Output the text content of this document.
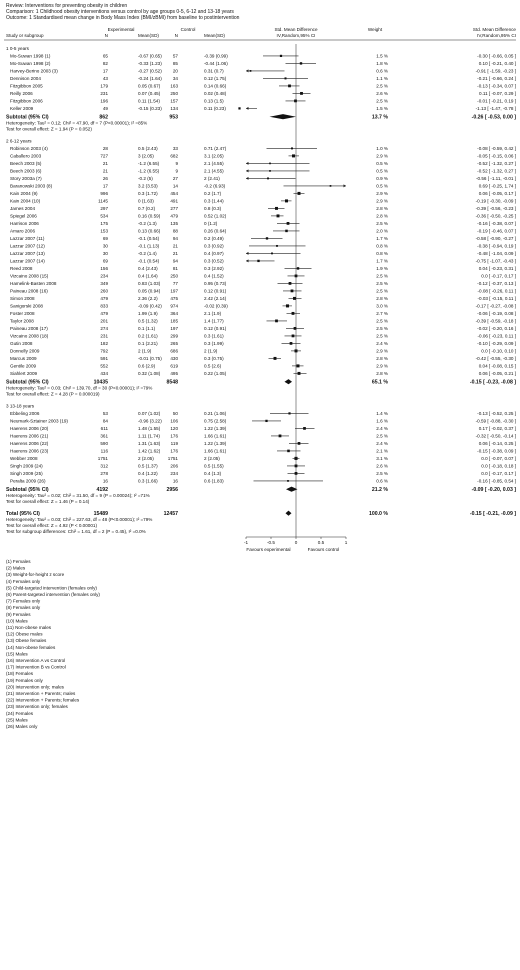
Review: Interventions for preventing obesity in children
Comparison: 1 Childhood obesity interventions versus control by age groups 0-5, 6-12 and 13-18 years
Outcome: 1 Standardised mean change in Body Mass Index (BMI/zBMI) from baseline to postintervention
Study or subgroup
Experimental
N	Mean(SD)
Control
N	Mean(SD)
Std. Mean Difference
IV,Random,95% CI
Weight	Std. Mean Difference
IV,Random,95% CI
1 0-5 years
Mo-Suwan 1998 (1)	65	-0.67 (0.65) 57	-0.39 (0.99)	1.5 %	-0.30 [ -0.66, 0.05 ]
Mo-Suwan 1998 (2)	82	-0.33 (1.23) 85	-0.44 (1.06)	1.8 %	0.10 [ -0.21, 0.40 ]
Harvey-Berino 2003 (3)	17	-0.27 (0.52) 20	0.31 (0.7)	0.6 %	-0.91 [ -1.59, -0.23 ]
Dennison 2004	43	-0.24 (1.64) 34	0.12 (1.75)	1.1 %	-0.21 [ -0.66, 0.24 ]
Fitzgibbon 2005	179	0.05 (0.67) 163	0.14 (0.66)	2.5 %	-0.13 [ -0.34, 0.07 ]
Reilly 2006	231	0.07 (0.45) 250	0.02 (0.48)	2.6 %	0.11 [ -0.07, 0.29 ]
Fitzgibbon 2006	196	0.11 (1.54) 157	0.13 (1.5)	2.5 %	-0.01 [ -0.21, 0.19 ]
Keller 2009	49	-0.15 (0.23) 134	0.11 (0.23)	1.5 %	-1.13 [ -1.47, -0.78 ]
Subtotal (95% CI)	862	953	13.7 %	-0.26 [ -0.53, 0.00 ]
Heterogeneity: Tau² = 0.12; Chi² = 47.90, df = 7 (P<0.00001); I² =85%
Test for overall effect: Z = 1.94 (P = 0.052)
2 6-12 years
Robinson 2003 (4)	28	0.5 (2.43)	33	0.71 (2.47)	1.0 %	-0.08 [ -0.59, 0.42 ]
Caballero 2003	727	3 (2.05)	682	3.1 (2.05)	2.9 %	-0.05 [ -0.15, 0.06 ]
Beech 2003 (5)	21	-1.2 (6.55)	9	2.1 (4.55)	0.5 %	-0.52 [ -1.32, 0.27 ]
Beech 2003 (6)	21	-1.2 (6.55)	9	2.1 (4.55)	0.5 %	-0.52 [ -1.32, 0.27 ]
Story 2003a (7)	26	-0.2 (5)	27	2 (2.41)	0.9 %	-0.56 [ -1.11, -0.01 ]
Baranowski 2003 (8)	17	3.2 (3.53)	14	-0.2 (6.93)	0.5 %	0.69 [ -0.25, 1.74 ]
Kain 2004 (9)	996	0.3 (1.72)	454	0.2 (1.7)	2.9 %	0.06 [ -0.05, 0.17 ]
Kain 2004 (10)	1145	0 (1.63)	491	0.3 (1.44)	2.9 %	-0.19 [ -0.30, -0.09 ]
James 2004	297	0.7 (0.2)	277	0.8 (0.3)	2.8 %	-0.39 [ -0.56, -0.23 ]
Spiegel 2006	534	0.16 (0.59) 479	0.52 (1.02)	2.8 %	-0.36 [ -0.50, -0.25 ]
Harrison 2006	175	-0.2 (1.3)	135	0 (1.2)	2.5 %	-0.16 [ -0.38, 0.07 ]
Amaro 2006	153	0.13 (0.66)	88	0.26 (0.64)	2.0 %	-0.19 [ -0.46, 0.07 ]
Lazzar 2007 (11)	69	-0.1 (0.54)	94	0.2 (0.49)	1.7 %	-0.58 [ -0.90, -0.27 ]
Lazzar 2007 (12)	30	-0.1 (1.13)	21	0.3 (0.92)	0.8 %	-0.38 [ -0.94, 0.19 ]
Lazzar 2007 (13)	30	-0.2 (1.4)	21	0.4 (0.97)	0.8 %	-0.48 [ -1.04, 0.09 ]
Lazzar 2007 (14)	69	-0.1 (0.54)	94	0.3 (0.52)	1.7 %	-0.75 [ -1.07, -0.43 ]
Reed 2008	156	0.4 (2.43)	81	0.3 (2.92)	1.9 %	0.04 [ -0.23, 0.31 ]
Vizcaino 2008 (15)	234	0.4 (1.64)	250	0.4 (1.52)	2.5 %	0.0 [ -0.17, 0.17 ]
Hamelink-Basten 2008	349	0.83 (1.03)	77	0.95 (0.73)	2.5 %	-0.12 [ -0.37, 0.13 ]
Paineau 2008 (16)	260	0.05 (0.94) 197	0.12 (0.91)	2.5 %	-0.08 [ -0.26, 0.11 ]
Simon 2008	479	2.36 (2.2)	475	2.42 (2.14)	2.8 %	-0.03 [ -0.15, 0.11 ]
Sanigorski 2008	833	-0.09 (0.42) 974	-0.02 (0.39)	3.0 %	-0.17 [ -0.27, -0.08 ]
Foster 2008	479	1.99 (1.9)	364	2.1 (1.9)	2.7 %	-0.06 [ -0.19, 0.08 ]
Taylor 2008	201	0.5 (1.32)	185	1.4 (1.77)	2.5 %	-0.39 [ -0.59, -0.18 ]
Paineau 2008 (17)	274	0.1 (1.1)	197	0.12 (0.91)	2.5 %	-0.02 [ -0.20, 0.16 ]
Vizcaino 2008 (18)	231	0.2 (1.61)	299	0.3 (1.61)	2.5 %	-0.06 [ -0.23, 0.11 ]
Gutin 2008	182	0.1 (2.21)	265	0.3 (1.99)	2.4 %	-0.10 [ -0.29, 0.09 ]
Donnelly 2009	792	2 (1.9)	686	2 (1.9)	2.9 %	0.0 [ -0.10, 0.10 ]
Marcus 2009	591	-0.01 (0.75) 430	0.3 (0.75)	2.8 %	-0.42 [ -0.55, -0.30 ]
Gentile 2009	552	0.6 (2.9)	619	0.5 (2.6)	2.9 %	0.04 [ -0.08, 0.15 ]
Siahlert 2009	434	0.32 (1.08) 495	0.22 (1.05)	2.8 %	0.06 [ -0.05, 0.21 ]
Subtotal (95% CI)	10435	8548	65.1 %	-0.15 [ -0.23, -0.08 ]
Heterogeneity: Tau² = 0.03; Chi² = 139.70, df = 30 (P<0.00001); I² =79%
Test for overall effect: Z = 4.28 (P = 0.000019)
3 13-18 years
Ebbeling 2006	53	0.07 (1.02)	50	0.21 (1.06)	1.4 %	-0.13 [ -0.52, 0.25 ]
Neumark-Sztainer 2003 (19)	84	-0.96 (3.22) 106	0.75 (2.58)	1.6 %	-0.59 [ -0.88, -0.30 ]
Haerens 2006 (20)	611	1.48 (1.55) 120	1.22 (1.39)	2.4 %	0.17 [ -0.02, 0.37 ]
Haerens 2006 (21)	361	1.11 (1.74) 176	1.66 (1.61)	2.5 %	-0.32 [ -0.50, -0.14 ]
Haerens 2006 (22)	590	1.31 (1.63) 119	1.22 (1.39)	2.4 %	0.06 [ -0.14, 0.25 ]
Haerens 2006 (23)	116	1.42 (1.62) 176	1.66 (1.61)	2.1 %	-0.15 [ -0.38, 0.09 ]
Webber 2008	1751	2 (2.05)	1751	2 (2.05)	3.1 %	0.0 [ -0.07, 0.07 ]
Singh 2009 (24)	312	0.5 (1.37)	206	0.5 (1.55)	2.6 %	0.0 [ -0.18, 0.18 ]
Singh 2009 (25)	278	0.4 (1.22)	234	0.4 (1.3)	2.5 %	0.0 [ -0.17, 0.17 ]
Peralta 2009 (26)	16	0.3 (1.66)	16	0.6 (1.83)	0.6 %	-0.16 [ -0.85, 0.54 ]
Subtotal (95% CI)	4192	2956	21.2 %	-0.09 [ -0.20, 0.03 ]
Heterogeneity: Tau² = 0.02; Chi² = 31.50, df = 9 (P = 0.00024); I² =71%
Test for overall effect: Z = 1.46 (P = 0.14)
Total (95% CI)	15489	12457	100.0 %	-0.15 [ -0.21, -0.09 ]
Heterogeneity: Tau² = 0.03; Chi² = 227.63, df = 48 (P<0.00001); I² =79%
Test for overall effect: Z = 4.92 (P < 0.00001)
Test for subgroup differences: Chi² = 1.61, df = 2 (P = 0.45), I² =0.0%
-1	-0.5	0	0.5	1
Favours experimental	Favours control
(1) Females
(2) Males
(3) Weight-for-height z score
(4) Females only
(5) Child-targeted intervention (females only)
(6) Parent-targeted intervention (females only)
(7) Females only
(8) Females only
(9) Females
(10) Males
(11) Non-obese males
(12) Obese males
(13) Obese females
(14) Non-obese females
(15) Males
(16) Intervention A vs Control
(17) Intervention B vs Control
(18) Females
(19) Females only
(20) Intervention only; males
(21) Intervention + Parents; males
(22) Intervention + Parents; females
(23) Intervention only; females
(24) Females
(25) Males
(26) Males only
